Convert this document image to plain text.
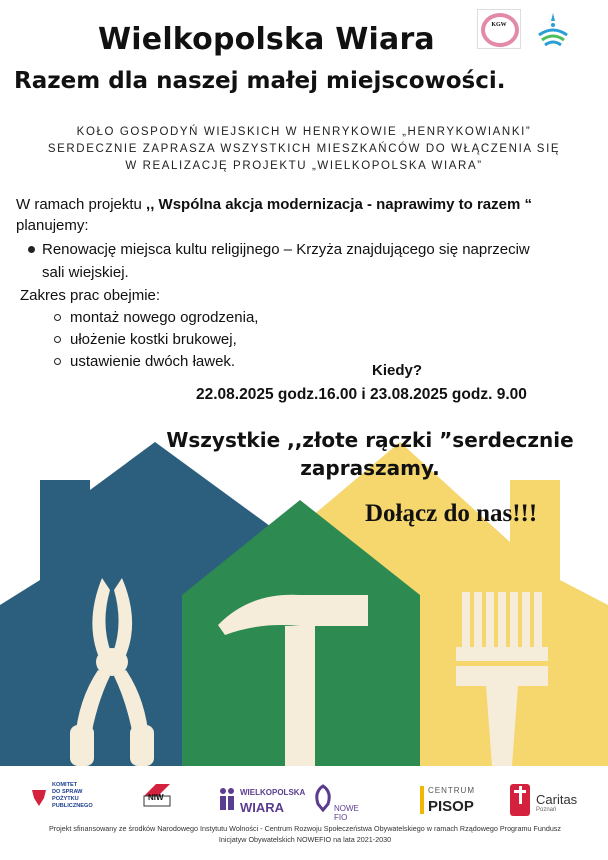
Wielkopolska Wiara
Razem dla naszej małej miejscowości.
KGW
KOŁO GOSPODYŃ WIEJSKICH W HENRYKOWIE „HENRYKOWIANKI”
SERDECZNIE ZAPRASZA WSZYSTKICH MIESZKAŃCÓW DO WŁĄCZENIA SIĘ
W REALIZACJĘ PROJEKTU „WIELKOPOLSKA WIARA”
W ramach projektu ,, Wspólna akcja modernizacja - naprawimy to razem “
planujemy:
Renowację miejsca kultu religijnego – Krzyża znajdującego się naprzeciw
sali wiejskiej.
Zakres prac obejmie:
montaż nowego ogrodzenia,
ułożenie kostki brukowej,
ustawienie dwóch ławek.
Kiedy?
22.08.2025 godz.16.00 i 23.08.2025 godz. 9.00
Wszystkie ,,złote rączki ”serdecznie
zapraszamy.
Dołącz do nas!!!
KOMITET
DO SPRAW
POŻYTKU
PUBLICZNEGO
NIW
WIELKOPOLSKA
WIARA	NOWE FIO
CENTRUM
PISOP	Caritas
Poznań
Projekt sfinansowany ze środków Narodowego Instytutu Wolności - Centrum Rozwoju Społeczeństwa Obywatelskiego w ramach Rządowego Programu Fundusz
Inicjatyw Obywatelskich NOWEFIO na lata 2021-2030
